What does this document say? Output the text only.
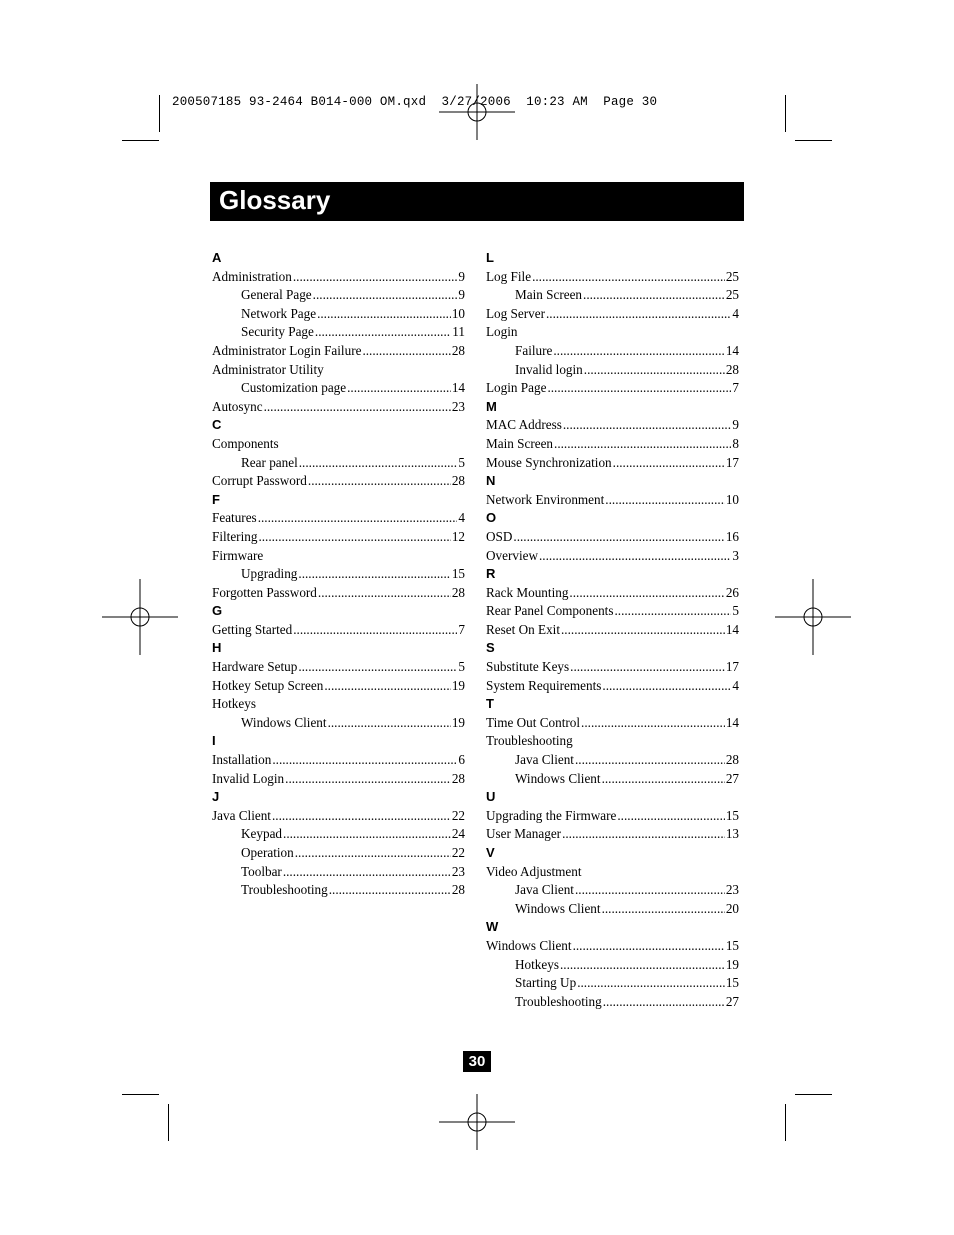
200507185 93-2464 B014-000 OM.qxd  3/27/2006  10:23 AM  Page 30
Glossary
A
Administration .....	9
General Page .....	9
Network Page .....	10
Security Page .....	11
Administrator Login Failure .....	28
Administrator Utility
Customization page .....	14
Autosync .....	23
C
Components
Rear panel .....	5
Corrupt Password .....	28
F
Features .....	4
Filtering .....	12
Firmware
Upgrading .....	15
Forgotten Password .....	28
G
Getting Started .....	7
H
Hardware Setup .....	5
Hotkey Setup Screen .....	19
Hotkeys
Windows Client .....	19
I
Installation .....	6
Invalid Login .....	28
J
Java Client .....	22
Keypad .....	24
Operation .....	22
Toolbar .....	23
Troubleshooting .....	28
L
Log File .....	25
Main Screen .....	25
Log Server .....	4
Login
Failure .....	14
Invalid login .....	28
Login Page .....	7
M
MAC Address .....	9
Main Screen .....	8
Mouse Synchronization .....	17
N
Network Environment .....	10
O
OSD .....	16
Overview .....	3
R
Rack Mounting .....	26
Rear Panel Components .....	5
Reset On Exit .....	14
S
Substitute Keys .....	17
System Requirements .....	4
T
Time Out Control .....	14
Troubleshooting
Java Client .....	28
Windows Client .....	27
U
Upgrading the Firmware .....	15
User Manager .....	13
V
Video Adjustment
Java Client .....	23
Windows Client .....	20
W
Windows Client .....	15
Hotkeys .....	19
Starting Up .....	15
Troubleshooting .....	27
30
